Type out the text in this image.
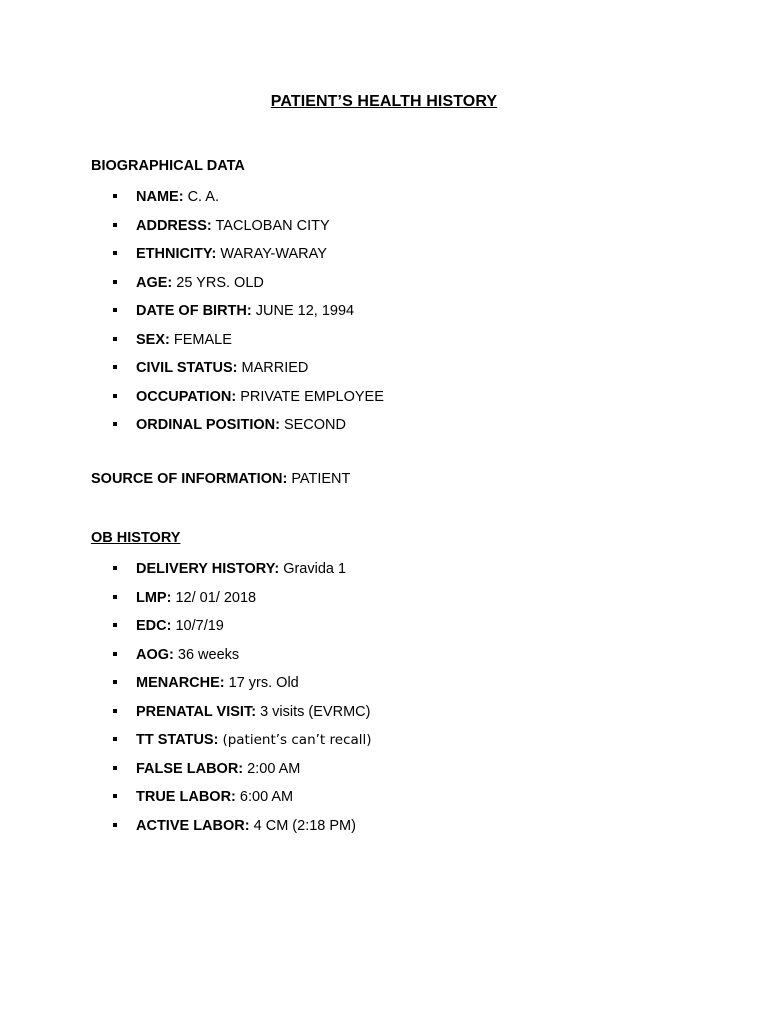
PATIENT’S HEALTH HISTORY
BIOGRAPHICAL DATA
NAME: C. A.
ADDRESS: TACLOBAN CITY
ETHNICITY: WARAY-WARAY
AGE: 25 YRS. OLD
DATE OF BIRTH: JUNE 12, 1994
SEX: FEMALE
CIVIL STATUS: MARRIED
OCCUPATION: PRIVATE EMPLOYEE
ORDINAL POSITION: SECOND
SOURCE OF INFORMATION: PATIENT
OB HISTORY
DELIVERY HISTORY: Gravida 1
LMP: 12/ 01/ 2018
EDC: 10/7/19
AOG: 36 weeks
MENARCHE: 17 yrs. Old
PRENATAL VISIT: 3 visits (EVRMC)
TT STATUS: (patient’s can’t recall)
FALSE LABOR: 2:00 AM
TRUE LABOR: 6:00 AM
ACTIVE LABOR: 4 CM (2:18 PM)
